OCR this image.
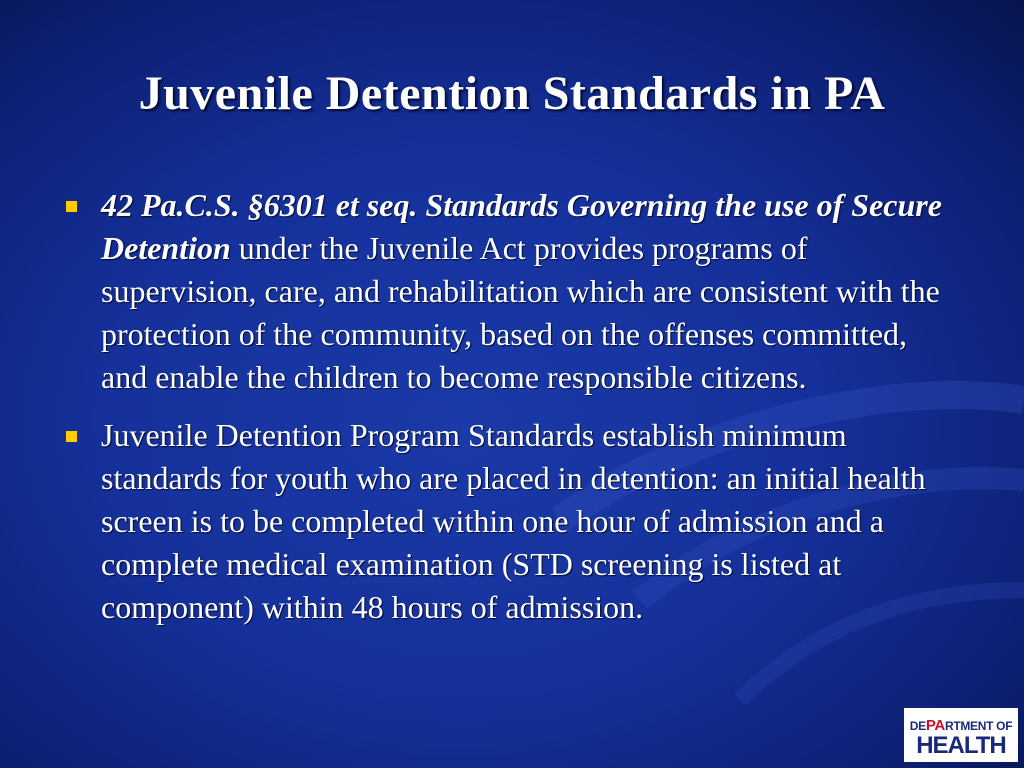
Juvenile Detention Standards in PA
42 Pa.C.S. §6301 et seq. Standards Governing the use of Secure Detention under the Juvenile Act provides programs of supervision, care, and rehabilitation which are consistent with the protection of the community, based on the offenses committed, and enable the children to become responsible citizens.
Juvenile Detention Program Standards establish minimum standards for youth who are placed in detention: an initial health screen is to be completed within one hour of admission and a complete medical examination (STD screening is listed at component) within 48 hours of admission.
DEPARTMENT OF
HEALTH
